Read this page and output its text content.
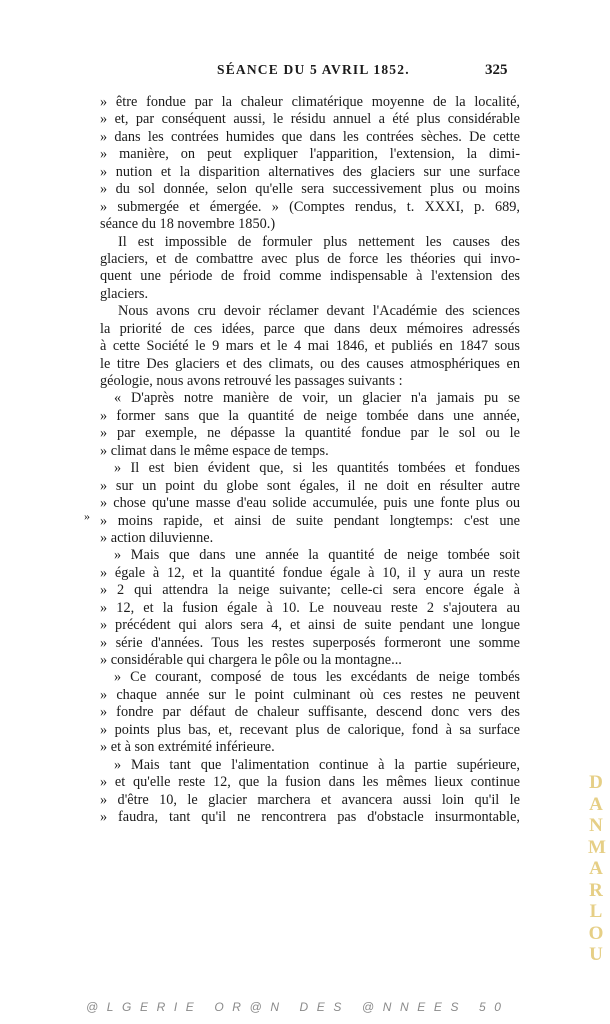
SÉANCE DU 5 AVRIL 1852.	325
» être fondue par la chaleur climatérique moyenne de la localité,
» et, par conséquent aussi, le résidu annuel a été plus considérable
» dans les contrées humides que dans les contrées sèches. De cette
» manière, on peut expliquer l'apparition, l'extension, la dimi-
» nution et la disparition alternatives des glaciers sur une surface
» du sol donnée, selon qu'elle sera successivement plus ou moins
» submergée et émergée. » (Comptes rendus, t. XXXI, p. 689,
séance du 18 novembre 1850.)
Il est impossible de formuler plus nettement les causes des
glaciers, et de combattre avec plus de force les théories qui invo-
quent une période de froid comme indispensable à l'extension des
glaciers.
Nous avons cru devoir réclamer devant l'Académie des sciences
la priorité de ces idées, parce que dans deux mémoires adressés
à cette Société le 9 mars et le 4 mai 1846, et publiés en 1847 sous
le titre Des glaciers et des climats, ou des causes atmosphériques en
géologie, nous avons retrouvé les passages suivants :
« D'après notre manière de voir, un glacier n'a jamais pu se
» former sans que la quantité de neige tombée dans une année,
» par exemple, ne dépasse la quantité fondue par le sol ou le
» climat dans le même espace de temps.
» Il est bien évident que, si les quantités tombées et fondues
» sur un point du globe sont égales, il ne doit en résulter autre
» chose qu'une masse d'eau solide accumulée, puis une fonte plus ou
» moins rapide, et ainsi de suite pendant longtemps: c'est une
» action diluvienne.
» Mais que dans une année la quantité de neige tombée soit
» égale à 12, et la quantité fondue égale à 10, il y aura un reste
» 2 qui attendra la neige suivante; celle-ci sera encore égale à
» 12, et la fusion égale à 10. Le nouveau reste 2 s'ajoutera au
» précédent qui alors sera 4, et ainsi de suite pendant une longue
» série d'années. Tous les restes superposés formeront une somme
» considérable qui chargera le pôle ou la montagne...
» Ce courant, composé de tous les excédants de neige tombés
» chaque année sur le point culminant où ces restes ne peuvent
» fondre par défaut de chaleur suffisante, descend donc vers des
» points plus bas, et, recevant plus de calorique, fond à sa surface
» et à son extrémité inférieure.
» Mais tant que l'alimentation continue à la partie supérieure,
» et qu'elle reste 12, que la fusion dans les mêmes lieux continue
» d'être 10, le glacier marchera et avancera aussi loin qu'il le
» faudra, tant qu'il ne rencontrera pas d'obstacle insurmontable,
»
DANMARLOU
@LGERIE OR@N DES @NNEES 50
